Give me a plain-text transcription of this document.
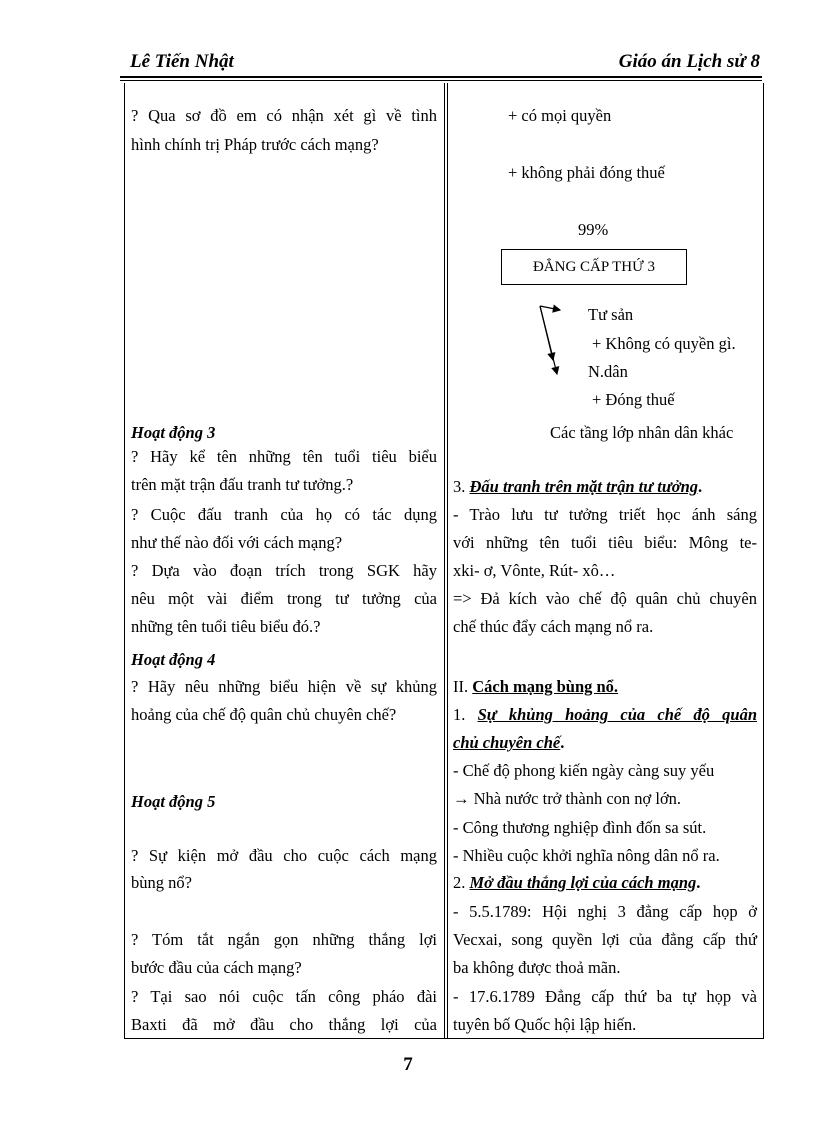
Lê Tiến Nhật	Giáo án Lịch sử 8
? Qua sơ đồ em có nhận xét gì về tình
hình chính trị Pháp trước cách mạng?
Hoạt động 3
? Hãy kể tên những tên tuổi tiêu biểu
trên mặt trận đấu tranh tư tưởng.?
? Cuộc đấu tranh của họ có tác dụng
như thế nào đối với cách mạng?
? Dựa vào đoạn trích trong SGK hãy
nêu một vài điểm trong tư tưởng của
những tên tuổi tiêu biểu đó.?
Hoạt động 4
? Hãy nêu những biểu hiện về sự khủng
hoảng của chế độ quân chủ chuyên chế?
Hoạt động 5
? Sự kiện mở đầu cho cuộc cách mạng
bùng nổ?
? Tóm tắt ngắn gọn những thắng lợi
bước đầu của cách mạng?
? Tại sao nói cuộc tấn công pháo đài
Baxti đã mở đầu cho thắng lợi của
+ có mọi quyền
+ không phải đóng thuế
99%
ĐẲNG CẤP THỨ 3
Tư sản
+ Không có quyền gì.
N.dân
+ Đóng thuế
Các tầng lớp nhân dân khác
3. Đấu tranh trên mặt trận tư tưởng.
- Trào lưu tư tưởng triết học ánh sáng
với những tên tuổi tiêu biểu: Mông te-
xki- ơ, Vônte, Rút- xô…
=> Đả kích vào chế độ quân chủ chuyên
chế thúc đẩy cách mạng nổ ra.
II. Cách mạng bùng nổ.
1. Sự khủng hoảng của chế độ quân
chủ chuyên chế.
- Chế độ phong kiến ngày càng suy yếu
→ Nhà nước trở thành con nợ lớn.
- Công thương nghiệp đình đốn sa sút.
- Nhiều cuộc khởi nghĩa nông dân nổ ra.
2. Mở đầu thắng lợi của cách mạng.
- 5.5.1789: Hội nghị 3 đẳng cấp họp ở
Vecxai, song quyền lợi của đẳng cấp thứ
ba không được thoả mãn.
- 17.6.1789 Đẳng cấp thứ ba tự họp và
tuyên bố Quốc hội lập hiến.
7
